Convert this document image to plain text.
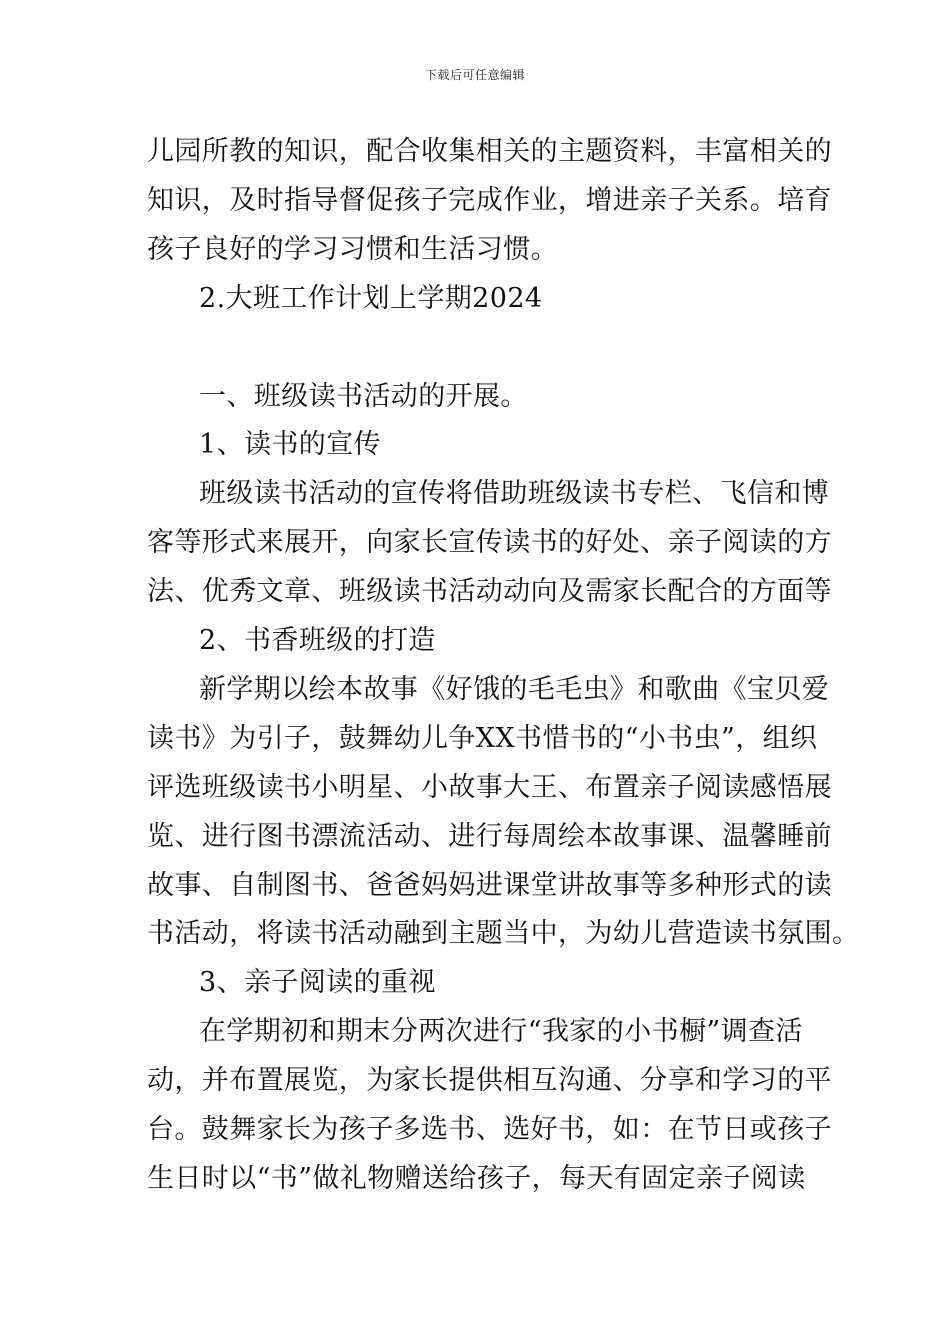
下载后可任意编辑

儿园所教的知识，配合收集相关的主题资料，丰富相关的

知识，及时指导督促孩子完成作业，增进亲子关系。培育

孩子良好的学习习惯和生活习惯。

2.大班工作计划上学期2024

一、班级读书活动的开展。

1、读书的宣传

班级读书活动的宣传将借助班级读书专栏、飞信和博

客等形式来展开，向家长宣传读书的好处、亲子阅读的方

法、优秀文章、班级读书活动动向及需家长配合的方面等

2、书香班级的打造

新学期以绘本故事《好饿的毛毛虫》和歌曲《宝贝爱

读书》为引子，鼓舞幼儿争XX书惜书的“小书虫”，组织

评选班级读书小明星、小故事大王、布置亲子阅读感悟展

览、进行图书漂流活动、进行每周绘本故事课、温馨睡前

故事、自制图书、爸爸妈妈进课堂讲故事等多种形式的读

书活动，将读书活动融到主题当中，为幼儿营造读书氛围。

3、亲子阅读的重视

在学期初和期末分两次进行“我家的小书橱”调查活

动，并布置展览，为家长提供相互沟通、分享和学习的平

台。鼓舞家长为孩子多选书、选好书，如：在节日或孩子

生日时以“书”做礼物赠送给孩子，每天有固定亲子阅读
